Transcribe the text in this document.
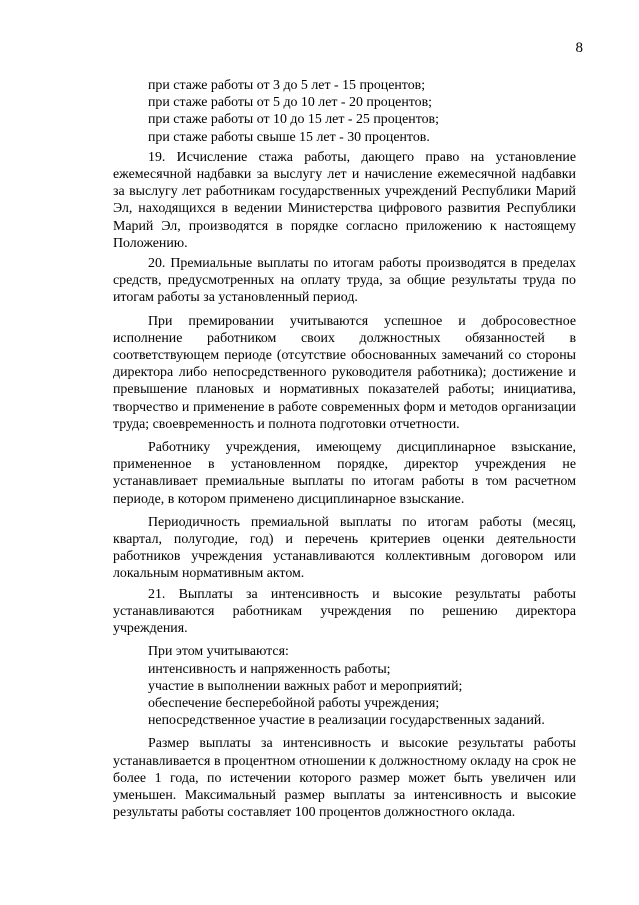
8

при стаже работы от 3 до 5 лет - 15 процентов;

при стаже работы от 5 до 10 лет - 20 процентов;

при стаже работы от 10 до 15 лет - 25 процентов;

при стаже работы свыше 15 лет - 30 процентов.

19. Исчисление стажа работы, дающего право на установление ежемесячной надбавки за выслугу лет и начисление ежемесячной надбавки за выслугу лет работникам государственных учреждений Республики Марий Эл, находящихся в ведении Министерства цифрового развития Республики Марий Эл, производятся в порядке согласно приложению к настоящему Положению.

20. Премиальные выплаты по итогам работы производятся в пределах средств, предусмотренных на оплату труда, за общие результаты труда по итогам работы за установленный период.

При премировании учитываются успешное и добросовестное исполнение работником своих должностных обязанностей в соответствующем периоде (отсутствие обоснованных замечаний со стороны директора либо непосредственного руководителя работника); достижение и превышение плановых и нормативных показателей работы; инициатива, творчество и применение в работе современных форм и методов организации труда; своевременность и полнота подготовки отчетности.

Работнику учреждения, имеющему дисциплинарное взыскание, примененное в установленном порядке, директор учреждения не устанавливает премиальные выплаты по итогам работы в том расчетном периоде, в котором применено дисциплинарное взыскание.

Периодичность премиальной выплаты по итогам работы (месяц, квартал, полугодие, год) и перечень критериев оценки деятельности работников учреждения устанавливаются коллективным договором или локальным нормативным актом.

21. Выплаты за интенсивность и высокие результаты работы устанавливаются работникам учреждения по решению директора учреждения.

При этом учитываются:

интенсивность и напряженность работы;

участие в выполнении важных работ и мероприятий;

обеспечение бесперебойной работы учреждения;

непосредственное участие в реализации государственных заданий.

Размер выплаты за интенсивность и высокие результаты работы устанавливается в процентном отношении к должностному окладу на срок не более 1 года, по истечении которого размер может быть увеличен или уменьшен. Максимальный размер выплаты за интенсивность и высокие результаты работы составляет 100 процентов должностного оклада.
